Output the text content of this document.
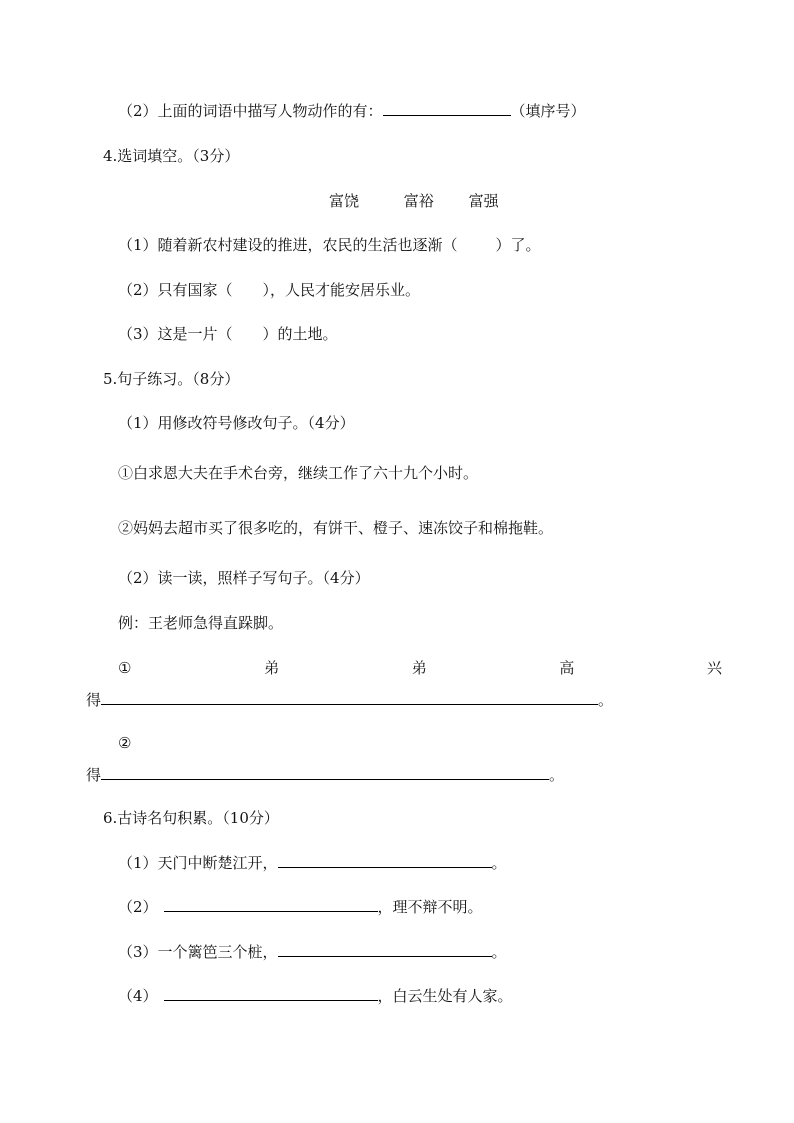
（2）上面的词语中描写人物动作的有：	（填序号）
4.选词填空。（3分）
富饶	富裕 富强
（1）随着新农村建设的推进，农民的生活也逐渐（	）了。
（2）只有国家（ ），人民才能安居乐业。
（3）这是一片（ ）的土地。
5.句子练习。（8分）
（1）用修改符号修改句子。（4分）
①白求恩大夫在手术台旁，继续工作了六十九个小时。
②妈妈去超市买了很多吃的，有饼干、橙子、速冻饺子和棉拖鞋。
（2）读一读，照样子写句子。（4分）
例：王老师急得直跺脚。
①	弟	弟	高	兴
得	。
②
得	。
6.古诗名句积累。（10分）
（1）天门中断楚江开，	。
（2）	，理不辩不明。
（3）一个篱笆三个桩，	。
（4）	，白云生处有人家。
